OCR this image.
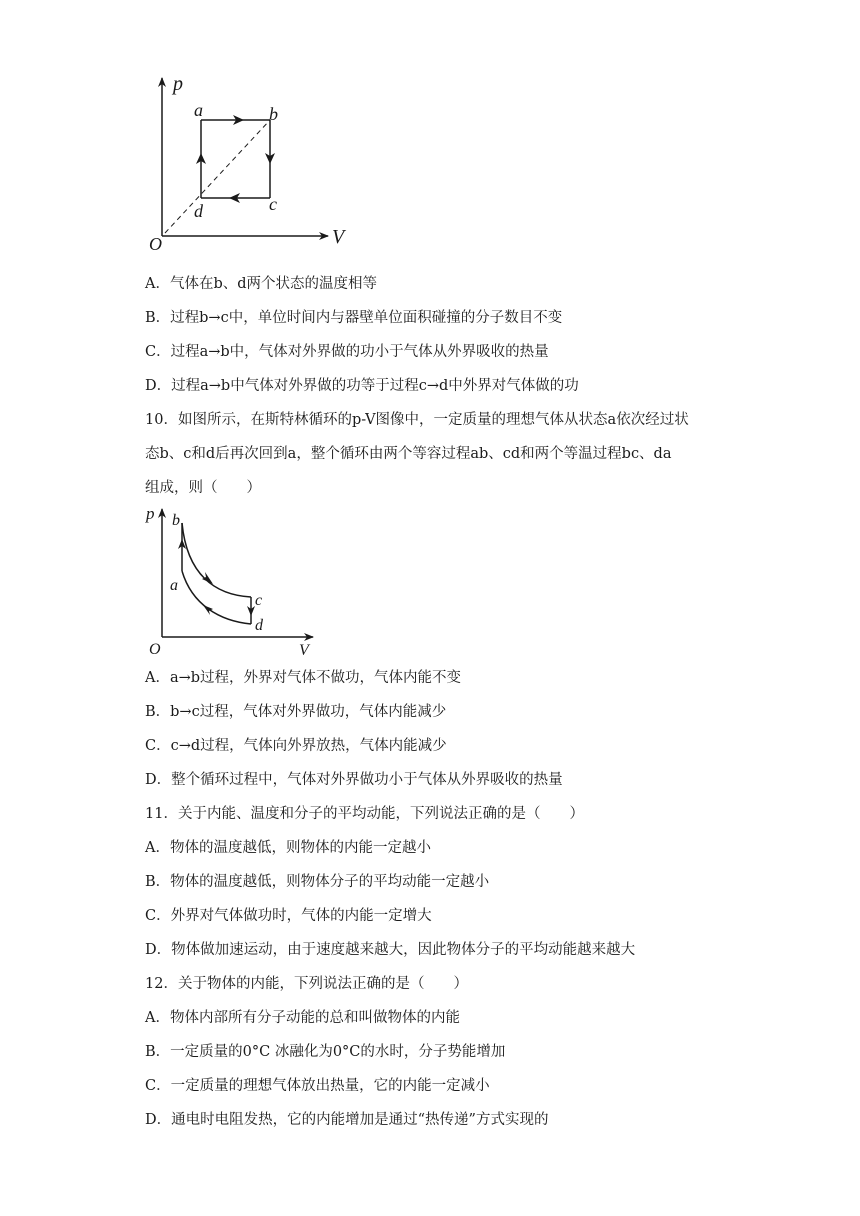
p
V
O
a	b
c
d
A．气体在b、d两个状态的温度相等
B．过程b→c中，单位时间内与器壁单位面积碰撞的分子数目不变
C．过程a→b中，气体对外界做的功小于气体从外界吸收的热量
D．过程a→b中气体对外界做的功等于过程c→d中外界对气体做的功
10．如图所示，在斯特林循环的p-V图像中，一定质量的理想气体从状态a依次经过状
态b、c和d后再次回到a，整个循环由两个等容过程ab、cd和两个等温过程bc、da
组成，则（　　）
p
V
O
b
a
c
d
A．a→b过程，外界对气体不做功，气体内能不变
B．b→c过程，气体对外界做功，气体内能减少
C．c→d过程，气体向外界放热，气体内能减少
D．整个循环过程中，气体对外界做功小于气体从外界吸收的热量
11．关于内能、温度和分子的平均动能，下列说法正确的是（　　）
A．物体的温度越低，则物体的内能一定越小
B．物体的温度越低，则物体分子的平均动能一定越小
C．外界对气体做功时，气体的内能一定增大
D．物体做加速运动，由于速度越来越大，因此物体分子的平均动能越来越大
12．关于物体的内能，下列说法正确的是（　　）
A．物体内部所有分子动能的总和叫做物体的内能
B．一定质量的0°C 冰融化为0°C的水时，分子势能增加
C．一定质量的理想气体放出热量，它的内能一定减小
D．通电时电阻发热，它的内能增加是通过“热传递”方式实现的
